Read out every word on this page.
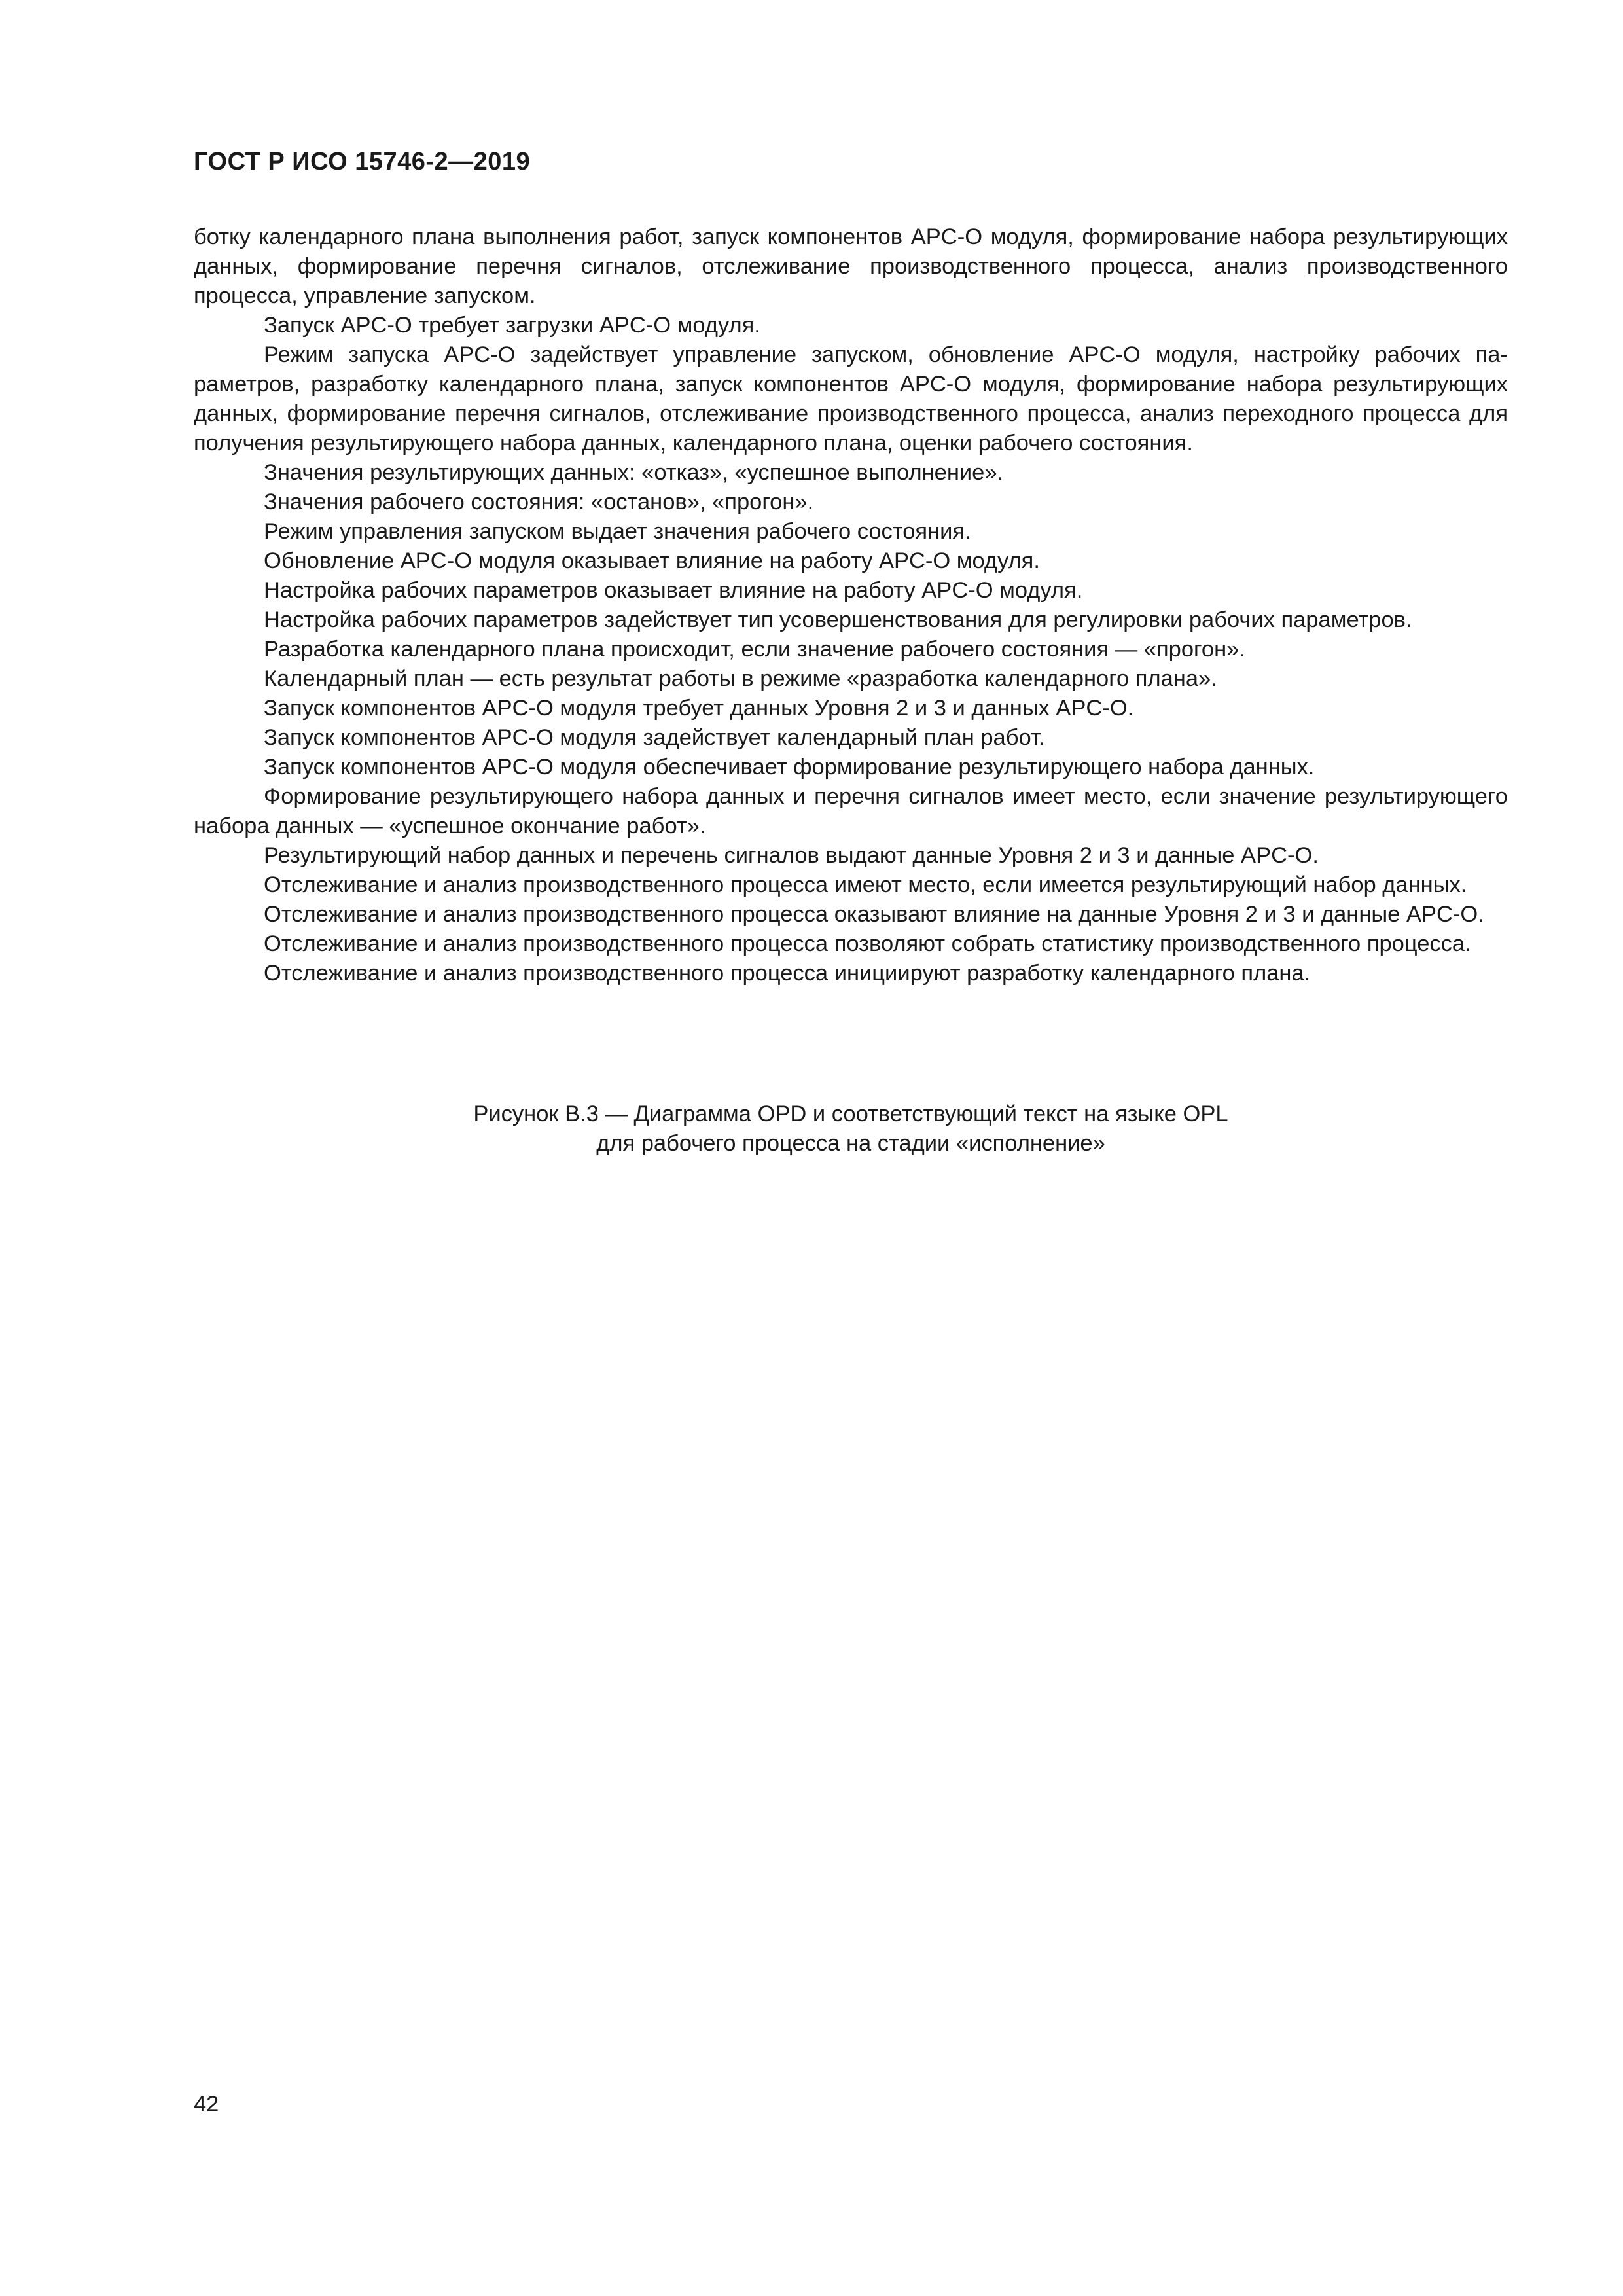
ГОСТ Р ИСО 15746-2—2019

ботку календарного плана выполнения работ, запуск компонентов APC-O модуля, формирование набора результирующих данных, формирование перечня сигналов, отслеживание производственного процесса, анализ производственного процесса, управление запуском.

Запуск APC-O требует загрузки APC-O модуля.

Режим запуска APC-O задействует управление запуском, обновление APC-O модуля, настройку рабочих параметров, разработку календарного плана, запуск компонентов APC-O модуля, формирование набора результирующих данных, формирование перечня сигналов, отслеживание производственного процесса, анализ переходного процесса для получения результирующего набора данных, календарного плана, оценки рабочего состояния.

Значения результирующих данных: «отказ», «успешное выполнение».

Значения рабочего состояния: «останов», «прогон».

Режим управления запуском выдает значения рабочего состояния.

Обновление APC-O модуля оказывает влияние на работу APC-O модуля.

Настройка рабочих параметров оказывает влияние на работу APC-O модуля.

Настройка рабочих параметров задействует тип усовершенствования для регулировки рабочих параметров.

Разработка календарного плана происходит, если значение рабочего состояния — «прогон».

Календарный план — есть результат работы в режиме «разработка календарного плана».

Запуск компонентов APC-O модуля требует данных Уровня 2 и 3 и данных APC-O.

Запуск компонентов APC-O модуля задействует календарный план работ.

Запуск компонентов APC-O модуля обеспечивает формирование результирующего набора данных.

Формирование результирующего набора данных и перечня сигналов имеет место, если значение результирующего набора данных — «успешное окончание работ».

Результирующий набор данных и перечень сигналов выдают данные Уровня 2 и 3 и данные APC-O.

Отслеживание и анализ производственного процесса имеют место, если имеется результирующий набор данных.

Отслеживание и анализ производственного процесса оказывают влияние на данные Уровня 2 и 3 и данные APC-O.

Отслеживание и анализ производственного процесса позволяют собрать статистику производственного процесса.

Отслеживание и анализ производственного процесса инициируют разработку календарного плана.

Рисунок B.3 — Диаграмма OPD и соответствующий текст на языке OPL
для рабочего процесса на стадии «исполнение»
42
